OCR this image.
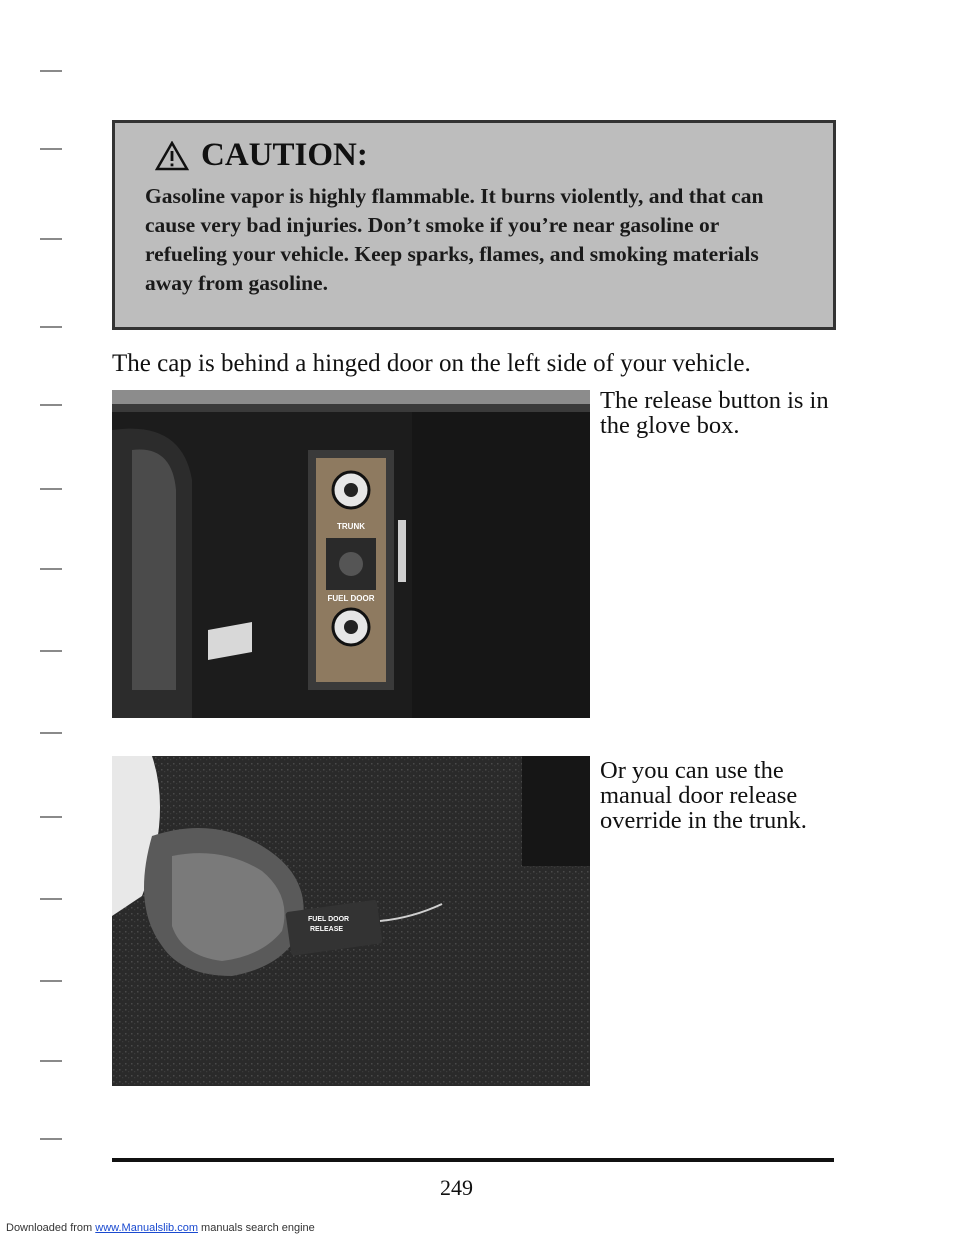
CAUTION:
Gasoline vapor is highly flammable. It burns violently, and that can cause very bad injuries. Don’t smoke if you’re near gasoline or refueling your vehicle. Keep sparks, flames, and smoking materials away from gasoline.
The cap is behind a hinged door on the left side of your vehicle.
TRUNK
FUEL DOOR
The release button is in the glove box.
FUEL DOOR
RELEASE
Or you can use the manual door release override in the trunk.
249
Downloaded from www.Manualslib.com manuals search engine
